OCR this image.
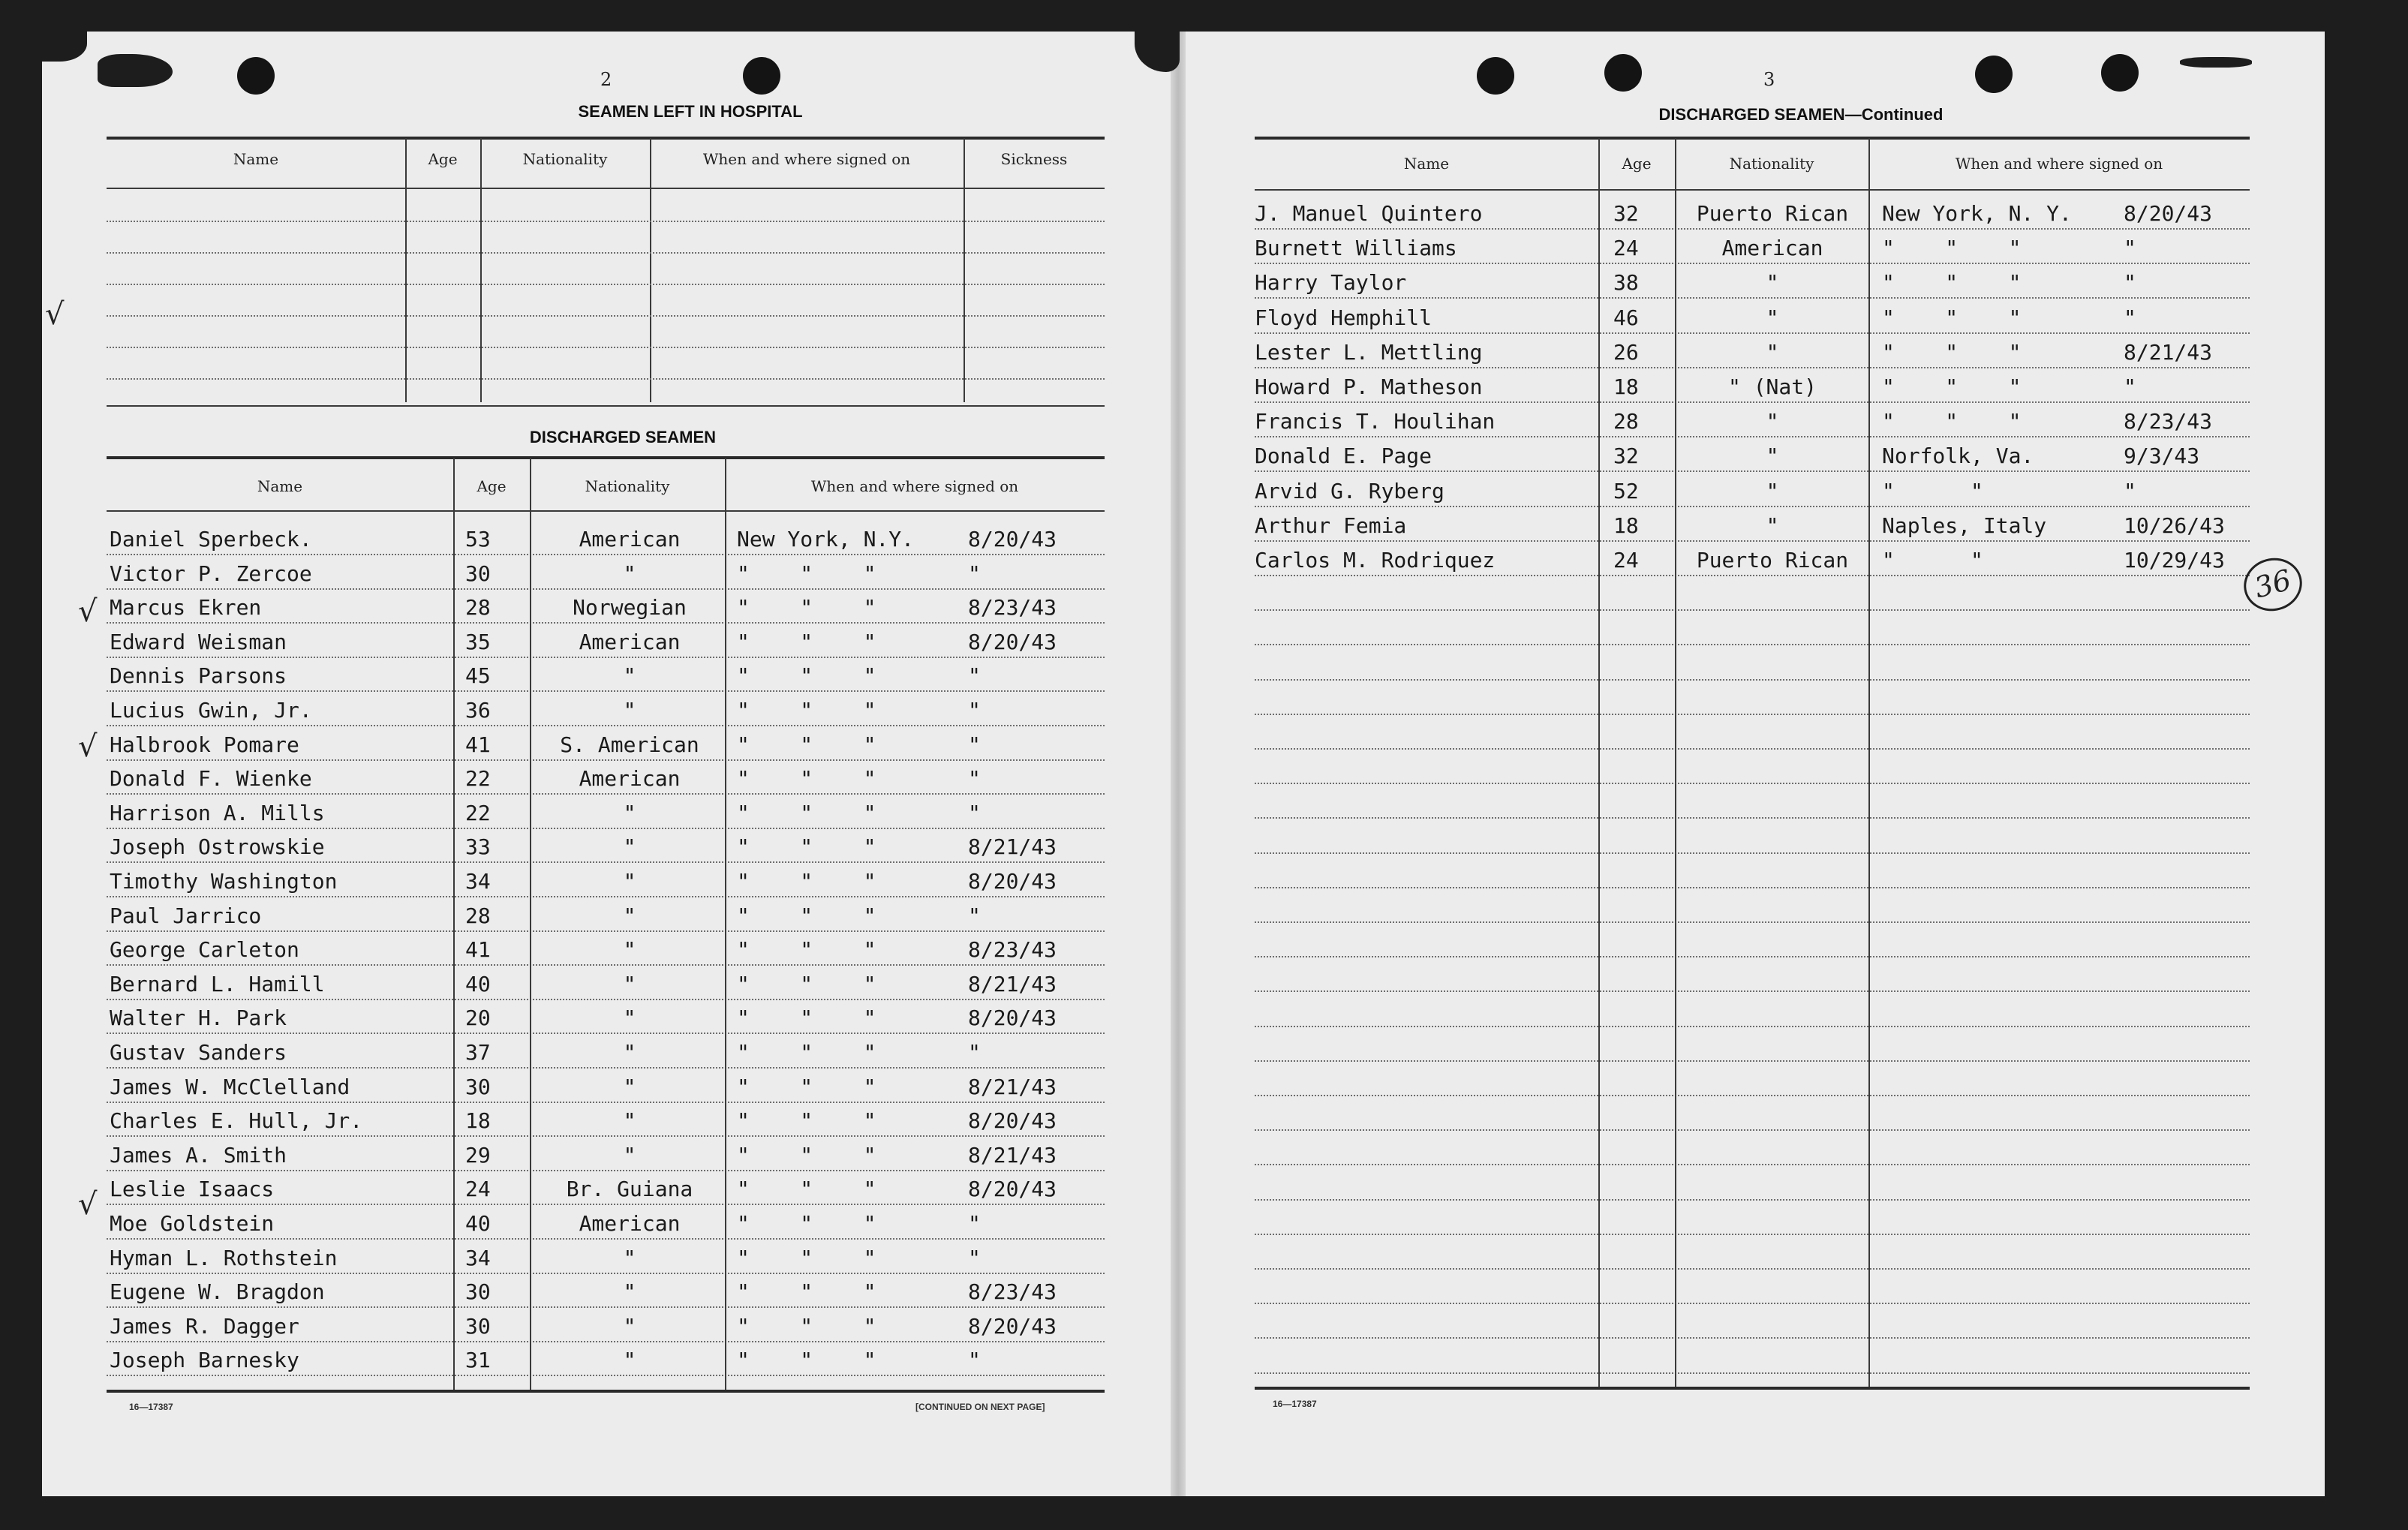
2
SEAMEN LEFT IN HOSPITAL
Name	Age	Nationality	When and where signed on	Sickness
DISCHARGED SEAMEN
Name	Age	Nationality	When and where signed on
Daniel Sperbeck.	53	American	New York, N.Y.	8/20/43
Victor P. Zercoe	30	"	"    "    "	"
Marcus Ekren	28	Norwegian	"    "    "	8/23/43
Edward Weisman	35	American	"    "    "	8/20/43
Dennis Parsons	45	"	"    "    "	"
Lucius Gwin, Jr.	36	"	"    "    "	"
Halbrook Pomare	41	S. American	"    "    "	"
Donald F. Wienke	22	American	"    "    "	"
Harrison A. Mills	22	"	"    "    "	"
Joseph Ostrowskie	33	"	"    "    "	8/21/43
Timothy Washington	34	"	"    "    "	8/20/43
Paul Jarrico	28	"	"    "    "	"
George Carleton	41	"	"    "    "	8/23/43
Bernard L. Hamill	40	"	"    "    "	8/21/43
Walter H. Park	20	"	"    "    "	8/20/43
Gustav Sanders	37	"	"    "    "	"
James W. McClelland	30	"	"    "    "	8/21/43
Charles E. Hull, Jr.	18	"	"    "    "	8/20/43
James A. Smith	29	"	"    "    "	8/21/43
Leslie Isaacs	24	Br. Guiana	"    "    "	8/20/43
Moe Goldstein	40	American	"    "    "	"
Hyman L. Rothstein	34	"	"    "    "	"
Eugene W. Bragdon	30	"	"    "    "	8/23/43
James R. Dagger	30	"	"    "    "	8/20/43
Joseph Barnesky	31	"	"    "    "	"
16—17387	[CONTINUED ON NEXT PAGE]
√
√
√
√
3
DISCHARGED SEAMEN—Continued
Name	Age	Nationality	When and where signed on
J. Manuel Quintero	32	Puerto Rican	New York, N. Y. 8/20/43
Burnett Williams	24	American	"    "    "	"
Harry Taylor	38	"	"    "    "	"
Floyd Hemphill	46	"	"    "    "	"
Lester L. Mettling	26	"	"    "    "	8/21/43
Howard P. Matheson	18	" (Nat)	"    "    "	"
Francis T. Houlihan	28	"	"    "    "	8/23/43
Donald E. Page	32	"	Norfolk, Va.	9/3/43
Arvid G. Ryberg	52	"	"      "	"
Arthur Femia	18	"	Naples, Italy	10/26/43
Carlos M. Rodriquez	24	Puerto Rican	"      "	10/29/43
16—17387
36
